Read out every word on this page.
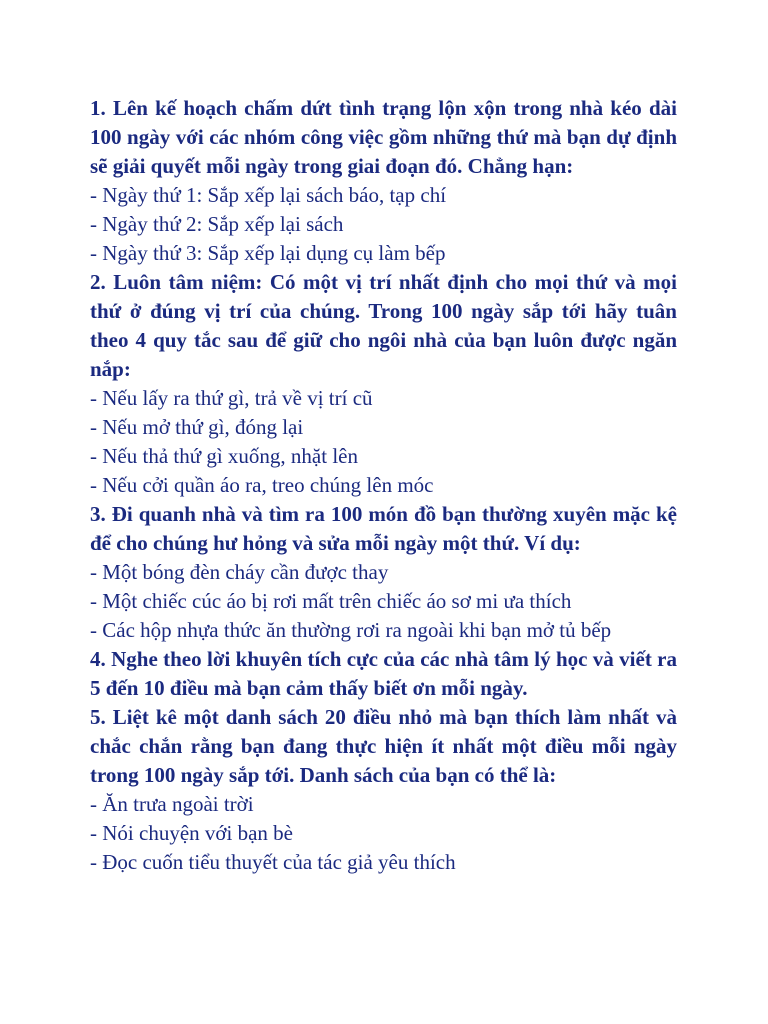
1. Lên kế hoạch chấm dứt tình trạng lộn xộn trong nhà kéo dài 100 ngày với các nhóm công việc gồm những thứ mà bạn dự định sẽ giải quyết mỗi ngày trong giai đoạn đó. Chẳng hạn:

- Ngày thứ 1: Sắp xếp lại sách báo, tạp chí

- Ngày thứ 2: Sắp xếp lại sách

- Ngày thứ 3: Sắp xếp lại dụng cụ làm bếp

2. Luôn tâm niệm: Có một vị trí nhất định cho mọi thứ và mọi thứ ở đúng vị trí của chúng. Trong 100 ngày sắp tới hãy tuân theo 4 quy tắc sau để giữ cho ngôi nhà của bạn luôn được ngăn nắp:

- Nếu lấy ra thứ gì, trả về vị trí cũ

- Nếu mở thứ gì, đóng lại

- Nếu thả thứ gì xuống, nhặt lên

- Nếu cởi quần áo ra, treo chúng lên móc

3. Đi quanh nhà và tìm ra 100 món đồ bạn thường xuyên mặc kệ để cho chúng hư hỏng và sửa mỗi ngày một thứ. Ví dụ:

- Một bóng đèn cháy cần được thay

- Một chiếc cúc áo bị rơi mất trên chiếc áo sơ mi ưa thích

- Các hộp nhựa thức ăn thường rơi ra ngoài khi bạn mở tủ bếp

4. Nghe theo lời khuyên tích cực của các nhà tâm lý học và viết ra 5 đến 10 điều mà bạn cảm thấy biết ơn mỗi ngày.

5. Liệt kê một danh sách 20 điều nhỏ mà bạn thích làm nhất và chắc chắn rằng bạn đang thực hiện ít nhất một điều mỗi ngày trong 100 ngày sắp tới. Danh sách của bạn có thể là:

- Ăn trưa ngoài trời

- Nói chuyện với bạn bè

- Đọc cuốn tiểu thuyết của tác giả yêu thích
